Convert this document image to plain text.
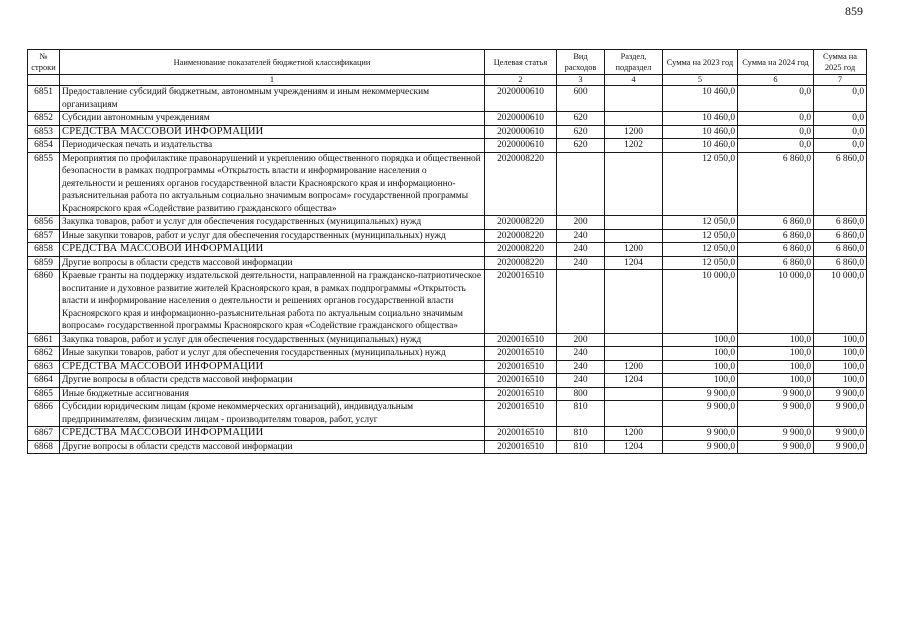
859
№ строки	Наименование показателей бюджетной классификации	Целевая статья	Вид расходов	Раздел, подраздел	Сумма на 2023 год	Сумма на 2024 год	Сумма на 2025 год
	1	2	3	4	5	6	7
6851	Предоставление субсидий бюджетным, автономным учреждениям и иным некоммерческим организациям	2020000610	600		10 460,0	0,0	0,0
6852	Субсидии автономным учреждениям	2020000610	620		10 460,0	0,0	0,0
6853	СРЕДСТВА МАССОВОЙ ИНФОРМАЦИИ	2020000610	620	1200	10 460,0	0,0	0,0
6854	Периодическая печать и издательства	2020000610	620	1202	10 460,0	0,0	0,0
6855	Мероприятия по профилактике правонарушений и укреплению общественного порядка и общественной безопасности в рамках подпрограммы «Открытость власти и информирование населения о деятельности и решениях органов государственной власти Красноярского края и информационно-разъяснительная работа по актуальным социально значимым вопросам» государственной программы Красноярского края «Содействие развитию гражданского общества»	2020008220			12 050,0	6 860,0	6 860,0
6856	Закупка товаров, работ и услуг для обеспечения государственных (муниципальных) нужд	2020008220	200		12 050,0	6 860,0	6 860,0
6857	Иные закупки товаров, работ и услуг для обеспечения государственных (муниципальных) нужд	2020008220	240		12 050,0	6 860,0	6 860,0
6858	СРЕДСТВА МАССОВОЙ ИНФОРМАЦИИ	2020008220	240	1200	12 050,0	6 860,0	6 860,0
6859	Другие вопросы в области средств массовой информации	2020008220	240	1204	12 050,0	6 860,0	6 860,0
6860	Краевые гранты на поддержку издательской деятельности, направленной на гражданско-патриотическое воспитание и духовное развитие жителей Красноярского края, в рамках подпрограммы «Открытость власти и информирование населения о деятельности и решениях органов государственной власти Красноярского края и информационно-разъяснительная работа по актуальным социально значимым вопросам» государственной программы Красноярского края «Содействие гражданского общества»	2020016510			10 000,0	10 000,0	10 000,0
6861	Закупка товаров, работ и услуг для обеспечения государственных (муниципальных) нужд	2020016510	200		100,0	100,0	100,0
6862	Иные закупки товаров, работ и услуг для обеспечения государственных (муниципальных) нужд	2020016510	240		100,0	100,0	100,0
6863	СРЕДСТВА МАССОВОЙ ИНФОРМАЦИИ	2020016510	240	1200	100,0	100,0	100,0
6864	Другие вопросы в области средств массовой информации	2020016510	240	1204	100,0	100,0	100,0
6865	Иные бюджетные ассигнования	2020016510	800		9 900,0	9 900,0	9 900,0
6866	Субсидии юридическим лицам (кроме некоммерческих организаций), индивидуальным предпринимателям, физическим лицам - производителям товаров, работ, услуг	2020016510	810		9 900,0	9 900,0	9 900,0
6867	СРЕДСТВА МАССОВОЙ ИНФОРМАЦИИ	2020016510	810	1200	9 900,0	9 900,0	9 900,0
6868	Другие вопросы в области средств массовой информации	2020016510	810	1204	9 900,0	9 900,0	9 900,0
